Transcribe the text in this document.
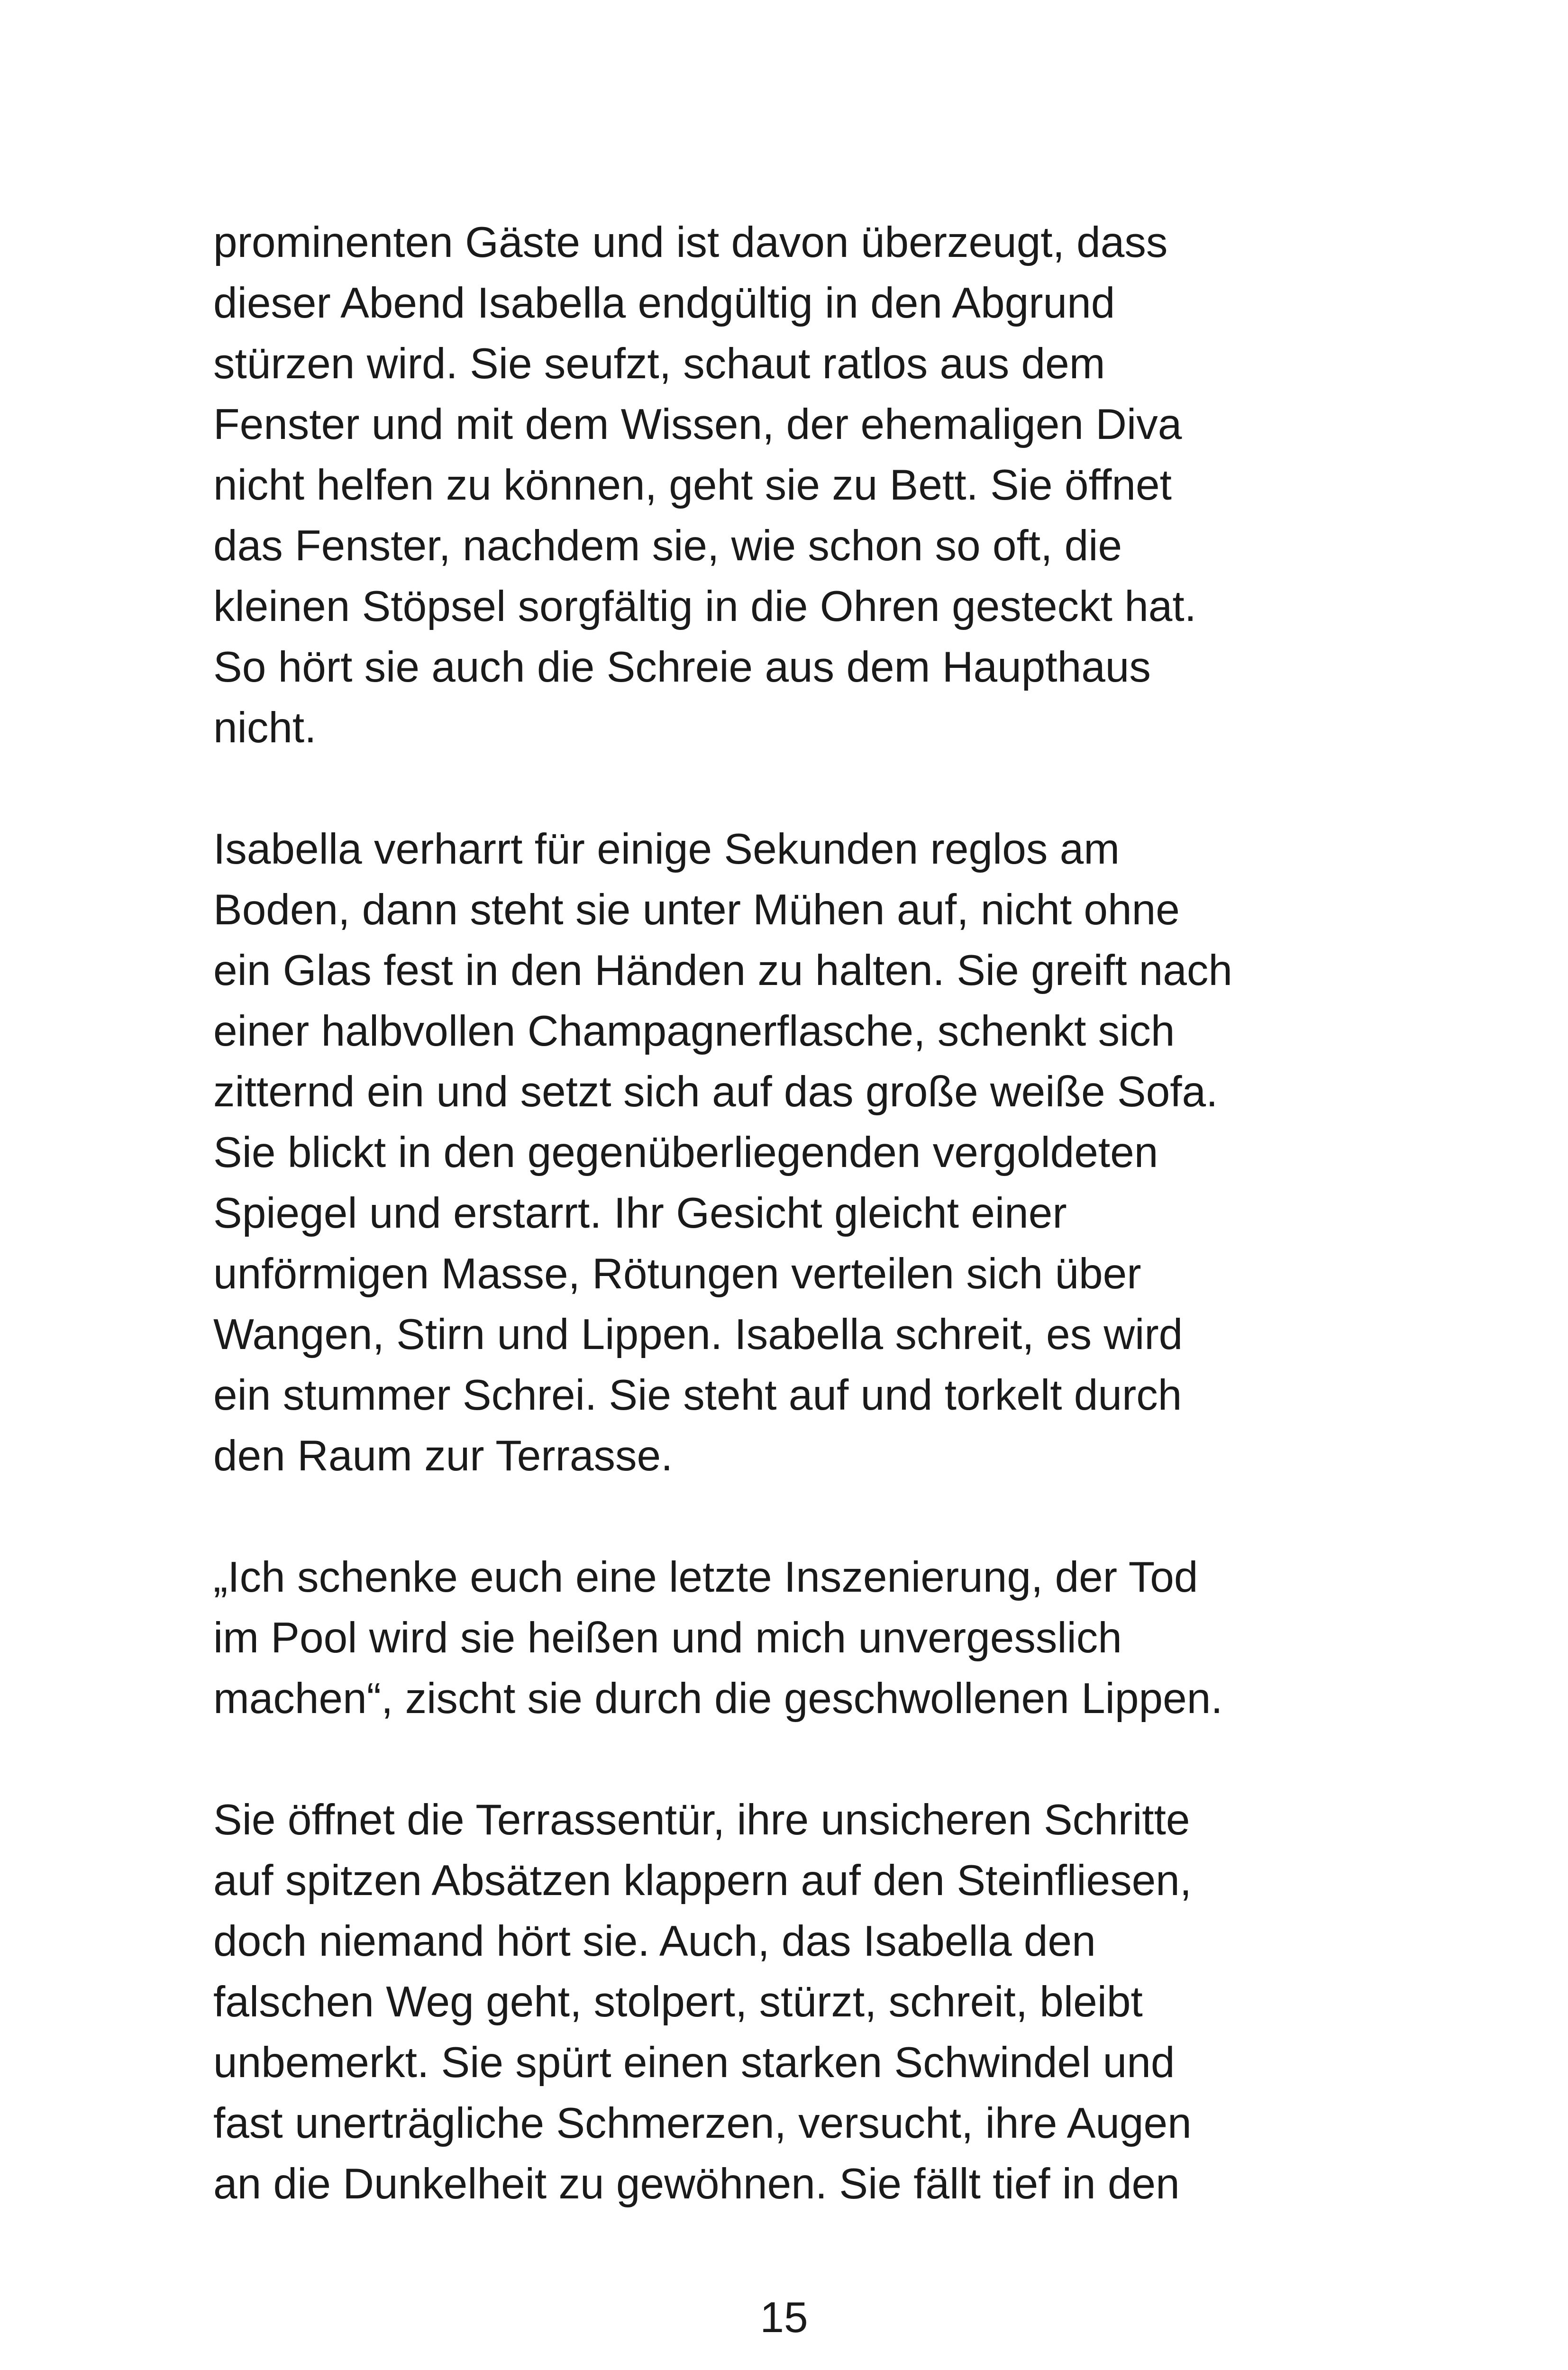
prominenten Gäste und ist davon überzeugt, dass
dieser Abend Isabella endgültig in den Abgrund
stürzen wird. Sie seufzt, schaut ratlos aus dem
Fenster und mit dem Wissen, der ehemaligen Diva
nicht helfen zu können, geht sie zu Bett. Sie öffnet
das Fenster, nachdem sie, wie schon so oft, die
kleinen Stöpsel sorgfältig in die Ohren gesteckt hat.
So hört sie auch die Schreie aus dem Haupthaus
nicht.

Isabella verharrt für einige Sekunden reglos am
Boden, dann steht sie unter Mühen auf, nicht ohne
ein Glas fest in den Händen zu halten. Sie greift nach
einer halbvollen Champagnerflasche, schenkt sich
zitternd ein und setzt sich auf das große weiße Sofa.
Sie blickt in den gegenüberliegenden vergoldeten
Spiegel und erstarrt. Ihr Gesicht gleicht einer
unförmigen Masse, Rötungen verteilen sich über
Wangen, Stirn und Lippen. Isabella schreit, es wird
ein stummer Schrei. Sie steht auf und torkelt durch
den Raum zur Terrasse.

„Ich schenke euch eine letzte Inszenierung, der Tod
im Pool wird sie heißen und mich unvergesslich
machen“, zischt sie durch die geschwollenen Lippen.

Sie öffnet die Terrassentür, ihre unsicheren Schritte
auf spitzen Absätzen klappern auf den Steinfliesen,
doch niemand hört sie. Auch, das Isabella den
falschen Weg geht, stolpert, stürzt, schreit, bleibt
unbemerkt. Sie spürt einen starken Schwindel und
fast unerträgliche Schmerzen, versucht, ihre Augen
an die Dunkelheit zu gewöhnen. Sie fällt tief in den

15
